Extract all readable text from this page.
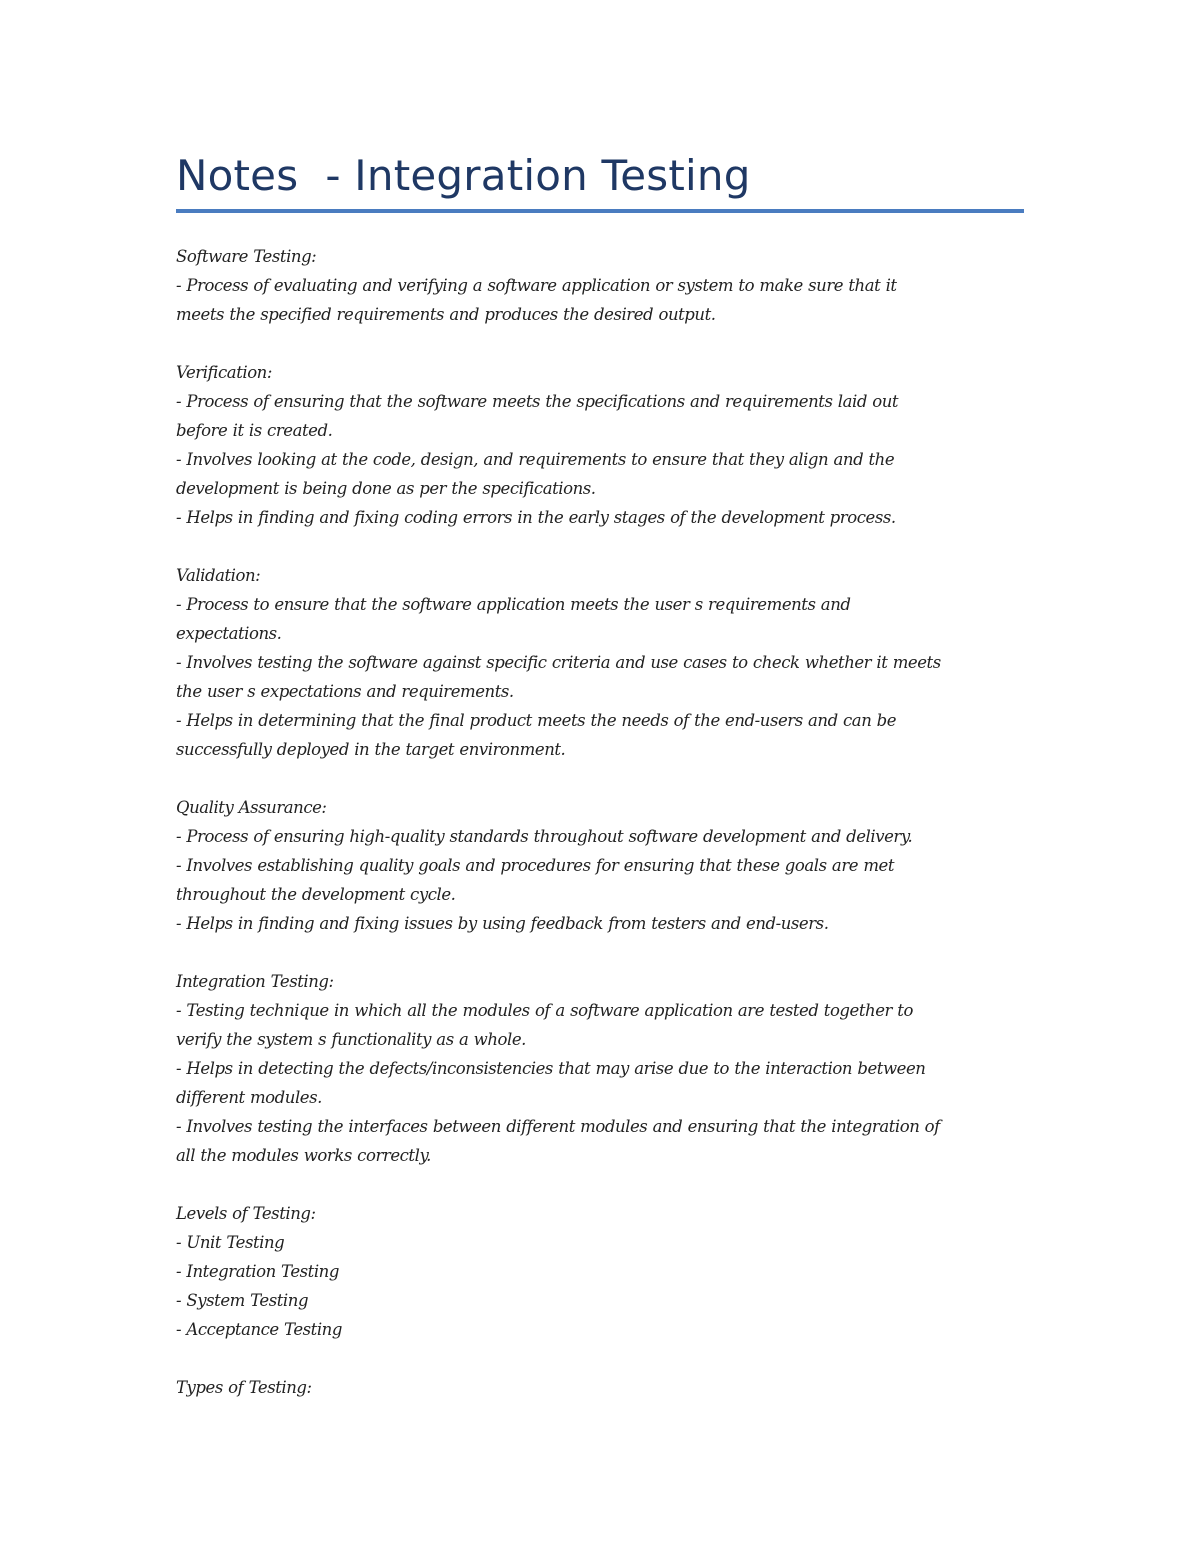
Notes  - Integration Testing
Software Testing:
- Process of evaluating and verifying a software application or system to make sure that it
meets the specified requirements and produces the desired output.
Verification:
- Process of ensuring that the software meets the specifications and requirements laid out
before it is created.
- Involves looking at the code, design, and requirements to ensure that they align and the
development is being done as per the specifications.
- Helps in finding and fixing coding errors in the early stages of the development process.
Validation:
- Process to ensure that the software application meets the user s requirements and
expectations.
- Involves testing the software against specific criteria and use cases to check whether it meets
the user s expectations and requirements.
- Helps in determining that the final product meets the needs of the end-users and can be
successfully deployed in the target environment.
Quality Assurance:
- Process of ensuring high-quality standards throughout software development and delivery.
- Involves establishing quality goals and procedures for ensuring that these goals are met
throughout the development cycle.
- Helps in finding and fixing issues by using feedback from testers and end-users.
Integration Testing:
- Testing technique in which all the modules of a software application are tested together to
verify the system s functionality as a whole.
- Helps in detecting the defects/inconsistencies that may arise due to the interaction between
different modules.
- Involves testing the interfaces between different modules and ensuring that the integration of
all the modules works correctly.
Levels of Testing:
- Unit Testing
- Integration Testing
- System Testing
- Acceptance Testing
Types of Testing:
